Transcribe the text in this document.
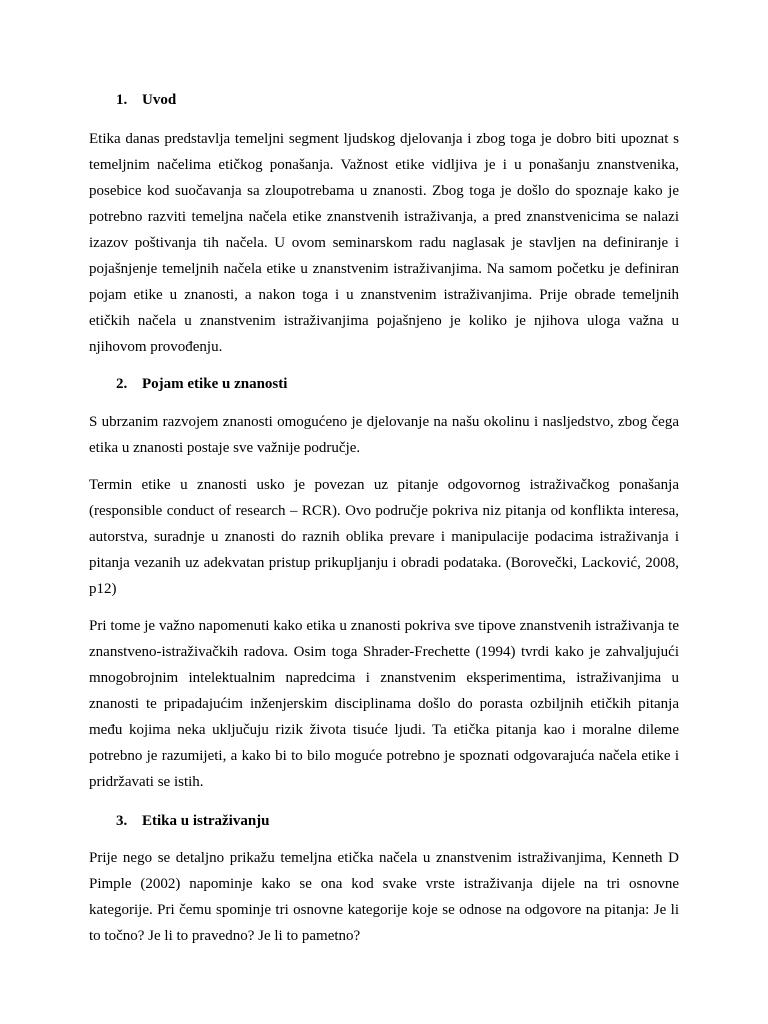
1. Uvod

Etika danas predstavlja temeljni segment ljudskog djelovanja i zbog toga je dobro biti upoznat s temeljnim načelima etičkog ponašanja. Važnost etike vidljiva je i u ponašanju znanstvenika, posebice kod suočavanja sa zloupotrebama u znanosti. Zbog toga je došlo do spoznaje kako je potrebno razviti temeljna načela etike znanstvenih istraživanja, a pred znanstvenicima se nalazi izazov poštivanja tih načela. U ovom seminarskom radu naglasak je stavljen na definiranje i pojašnjenje temeljnih načela etike u znanstvenim istraživanjima. Na samom početku je definiran pojam etike u znanosti, a nakon toga i u znanstvenim istraživanjima. Prije obrade temeljnih etičkih načela u znanstvenim istraživanjima pojašnjeno je koliko je njihova uloga važna u njihovom provođenju.

2. Pojam etike u znanosti

S ubrzanim razvojem znanosti omogućeno je djelovanje na našu okolinu i nasljedstvo, zbog čega etika u znanosti postaje sve važnije područje.

Termin etike u znanosti usko je povezan uz pitanje odgovornog istraživačkog ponašanja (responsible conduct of research – RCR). Ovo područje pokriva niz pitanja od konflikta interesa, autorstva, suradnje u znanosti do raznih oblika prevare i manipulacije podacima istraživanja i pitanja vezanih uz adekvatan pristup prikupljanju i obradi podataka. (Borovečki, Lacković, 2008, p12)

Pri tome je važno napomenuti kako etika u znanosti pokriva sve tipove znanstvenih istraživanja te znanstveno-istraživačkih radova. Osim toga Shrader-Frechette (1994) tvrdi kako je zahvaljujući mnogobrojnim intelektualnim napredcima i znanstvenim eksperimentima, istraživanjima u znanosti te pripadajućim inženjerskim disciplinama došlo do porasta ozbiljnih etičkih pitanja među kojima neka uključuju rizik života tisuće ljudi. Ta etička pitanja kao i moralne dileme potrebno je razumijeti, a kako bi to bilo moguće potrebno je spoznati odgovarajuća načela etike i pridržavati se istih.

3. Etika u istraživanju

Prije nego se detaljno prikažu temeljna etička načela u znanstvenim istraživanjima, Kenneth D Pimple (2002) napominje kako se ona kod svake vrste istraživanja dijele na tri osnovne kategorije. Pri čemu spominje tri osnovne kategorije koje se odnose na odgovore na pitanja: Je li to točno? Je li to pravedno? Je li to pametno?
